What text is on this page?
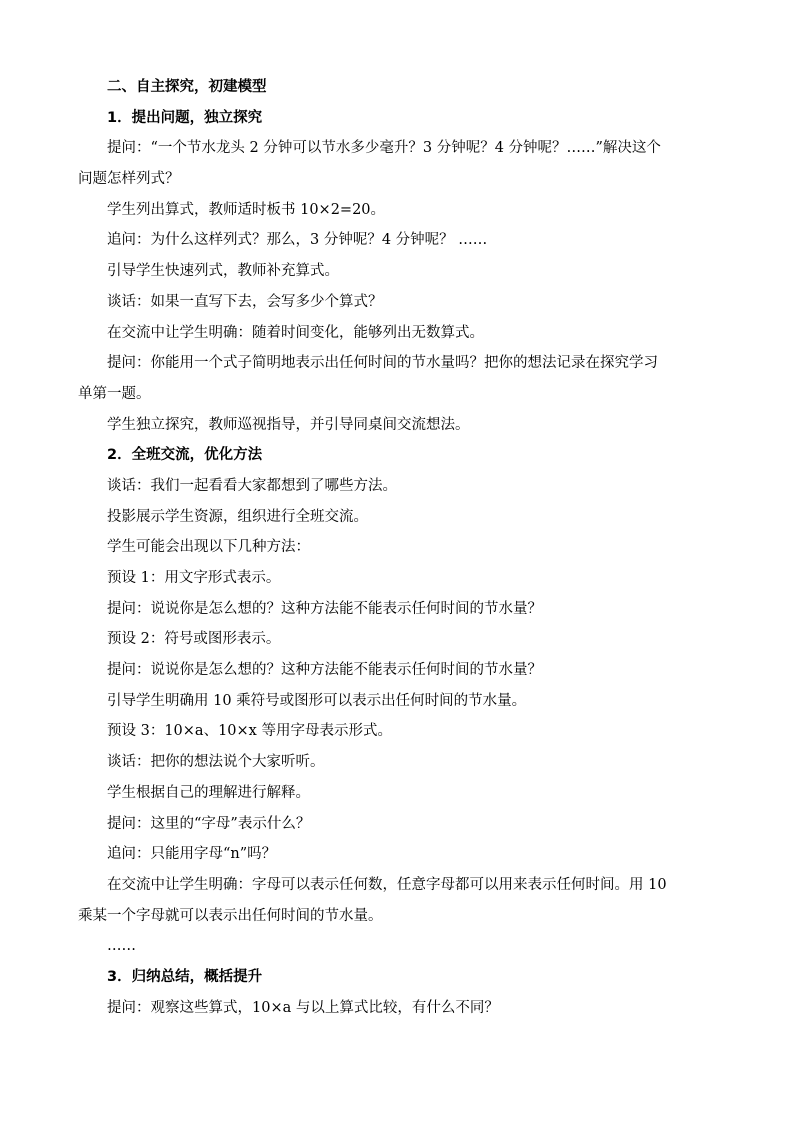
二、自主探究，初建模型
1．提出问题，独立探究
提问：“一个节水龙头 2 分钟可以节水多少毫升？3 分钟呢？4 分钟呢？……”解决这个
问题怎样列式？
学生列出算式，教师适时板书 10×2=20。
追问：为什么这样列式？那么，3 分钟呢？4 分钟呢？ ……
引导学生快速列式，教师补充算式。
谈话：如果一直写下去，会写多少个算式？
在交流中让学生明确：随着时间变化，能够列出无数算式。
提问：你能用一个式子简明地表示出任何时间的节水量吗？把你的想法记录在探究学习
单第一题。
学生独立探究，教师巡视指导，并引导同桌间交流想法。
2．全班交流，优化方法
谈话：我们一起看看大家都想到了哪些方法。
投影展示学生资源，组织进行全班交流。
学生可能会出现以下几种方法：
预设 1：用文字形式表示。
提问：说说你是怎么想的？这种方法能不能表示任何时间的节水量？
预设 2：符号或图形表示。
提问：说说你是怎么想的？这种方法能不能表示任何时间的节水量？
引导学生明确用 10 乘符号或图形可以表示出任何时间的节水量。
预设 3：10×a、10×x 等用字母表示形式。
谈话：把你的想法说个大家听听。
学生根据自己的理解进行解释。
提问：这里的“字母”表示什么？
追问：只能用字母“n”吗？
在交流中让学生明确：字母可以表示任何数，任意字母都可以用来表示任何时间。用 10
乘某一个字母就可以表示出任何时间的节水量。
……
3．归纳总结，概括提升
提问：观察这些算式，10×a 与以上算式比较，有什么不同？
